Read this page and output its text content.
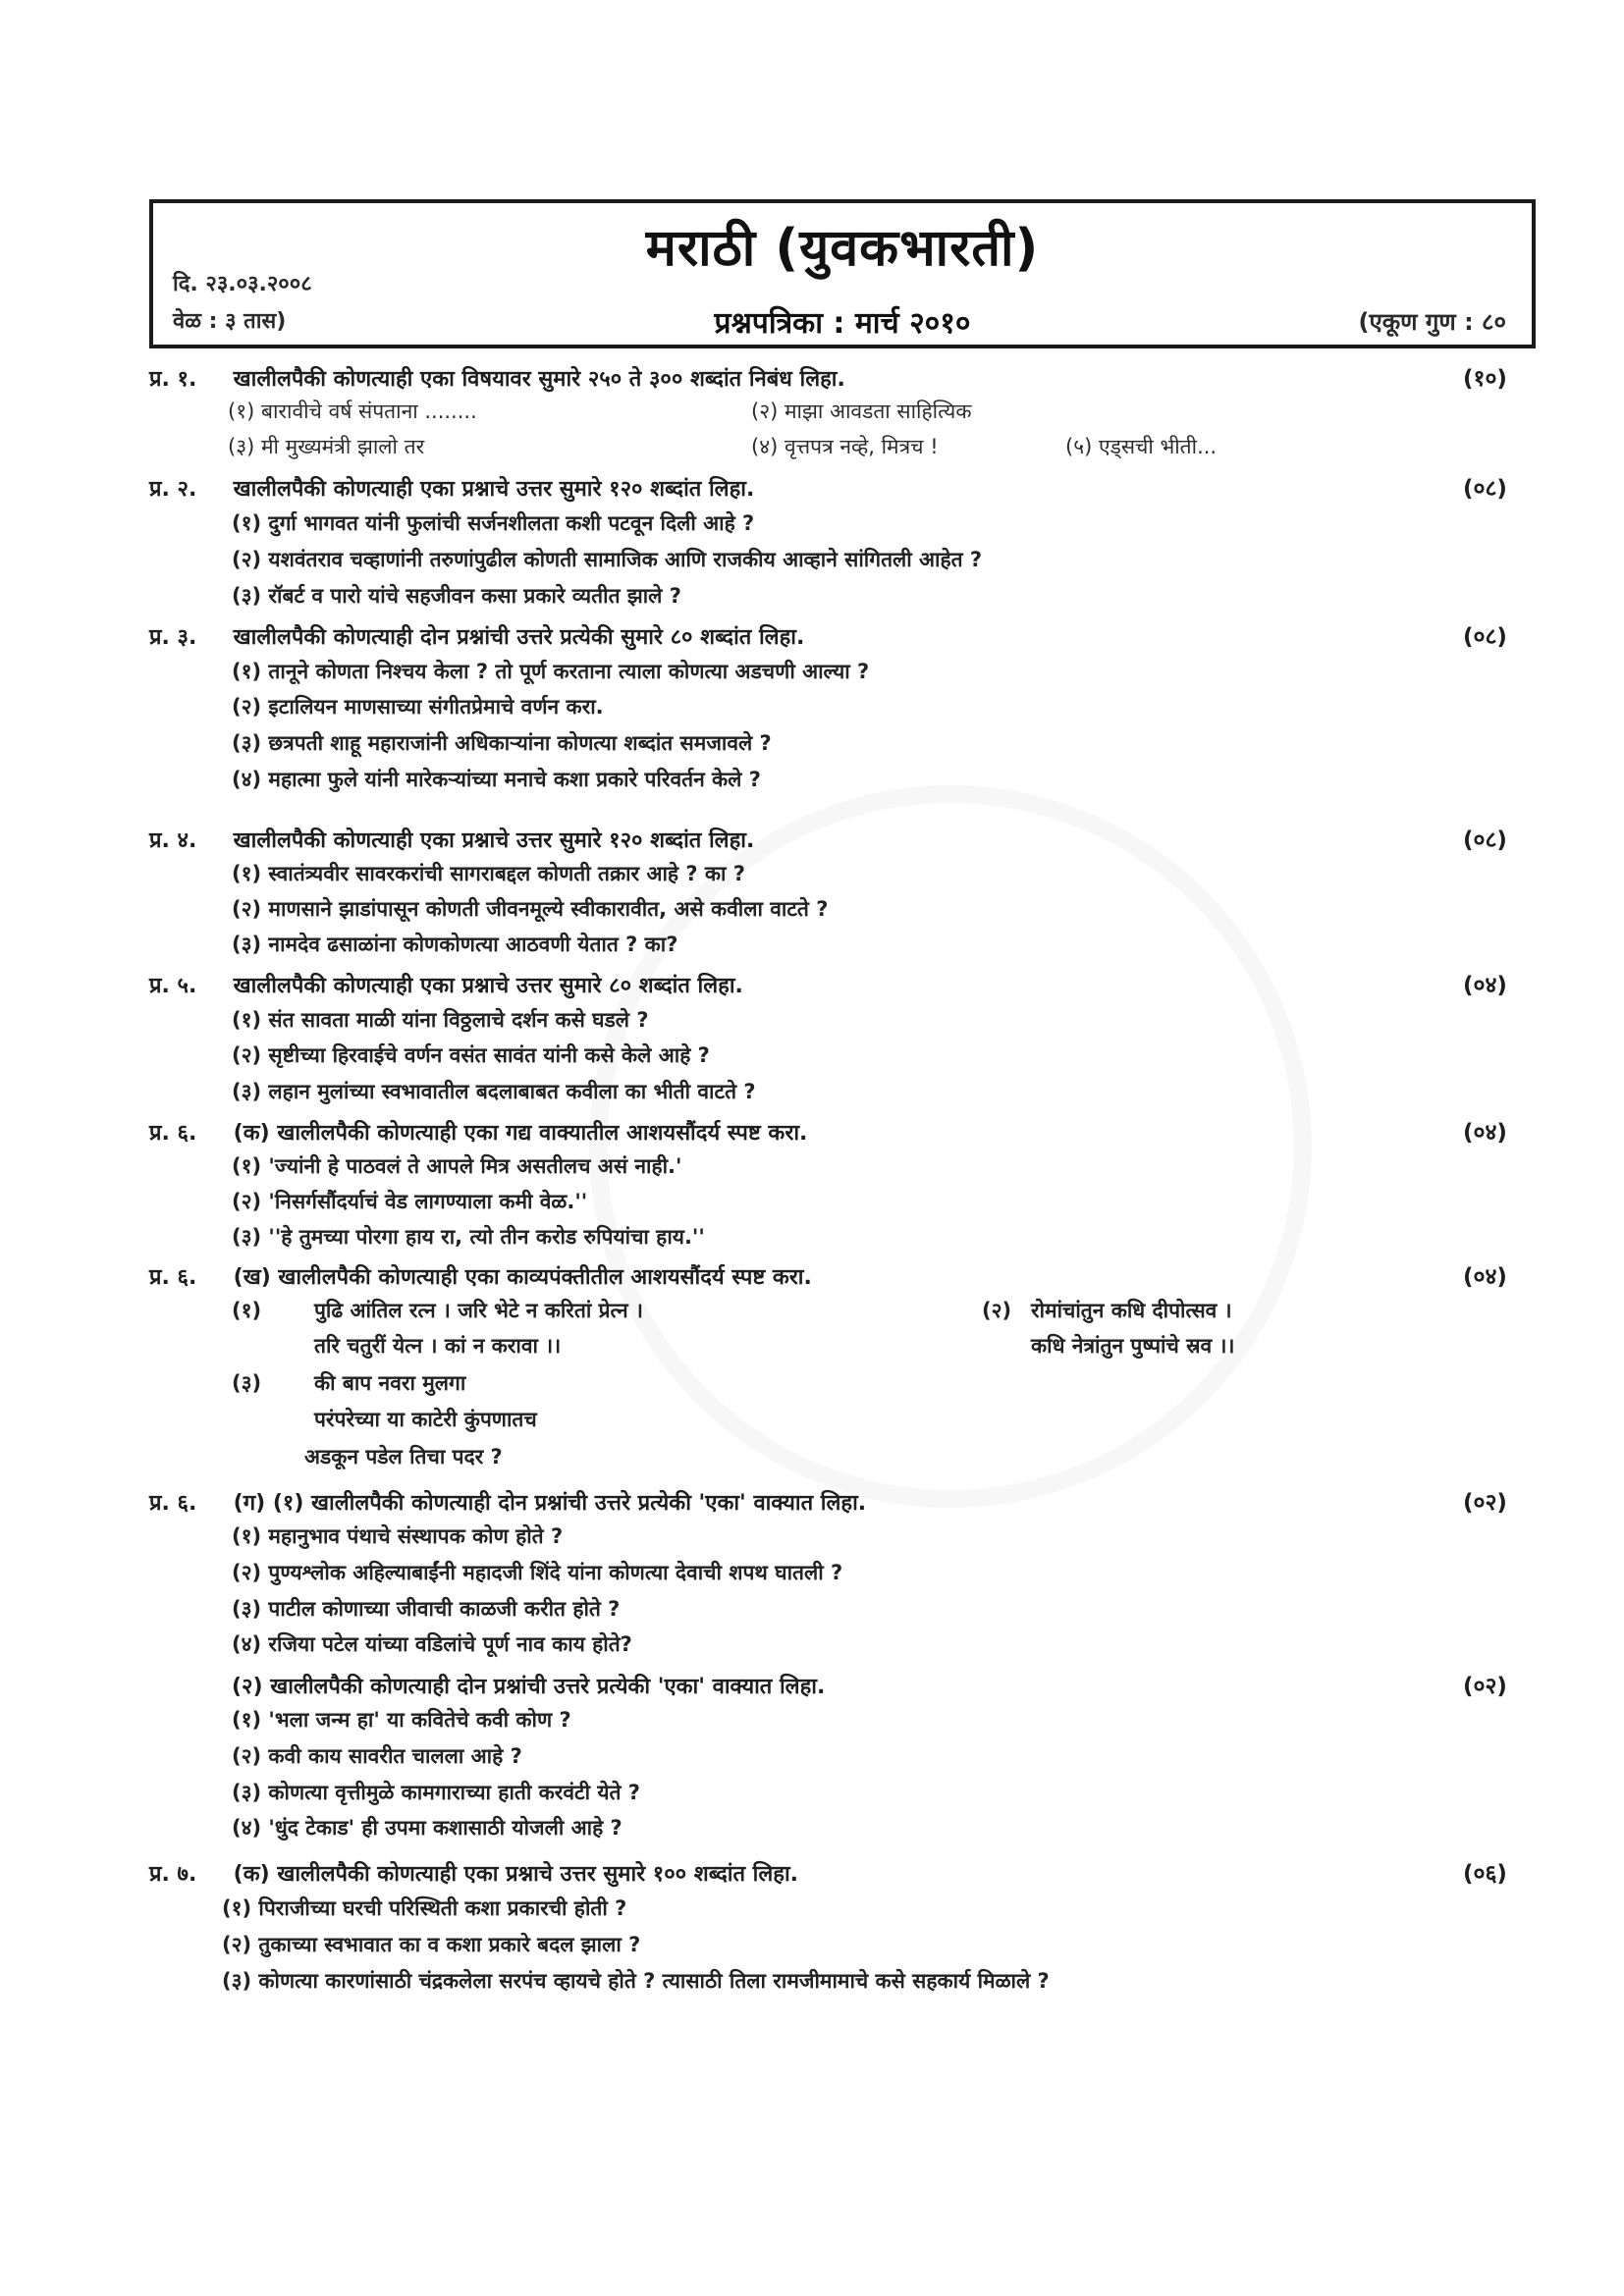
मराठी (युवकभारती)
दि. २३.०३.२००८
वेळ : ३ तास)	प्रश्नपत्रिका : मार्च २०१०	(एकूण गुण : ८०
प्र. १. खालीलपैकी कोणत्याही एका विषयावर सुमारे २५० ते ३०० शब्दांत निबंध लिहा.	(१०)
(१) बारावीचे वर्ष संपताना ........	(२) माझा आवडता साहित्यिक
(३) मी मुख्यमंत्री झालो तर	(४) वृत्तपत्र नव्हे, मित्रच !	(५) एड्सची भीती...
प्र. २. खालीलपैकी कोणत्याही एका प्रश्नाचे उत्तर सुमारे १२० शब्दांत लिहा.	(०८)
(१) दुर्गा भागवत यांनी फुलांची सर्जनशीलता कशी पटवून दिली आहे ?
(२) यशवंतराव चव्हाणांनी तरुणांपुढील कोणती सामाजिक आणि राजकीय आव्हाने सांगितली आहेत ?
(३) रॉबर्ट व पारो यांचे सहजीवन कसा प्रकारे व्यतीत झाले ?
प्र. ३. खालीलपैकी कोणत्याही दोन प्रश्नांची उत्तरे प्रत्येकी सुमारे ८० शब्दांत लिहा.	(०८)
(१) तानूने कोणता निश्चय केला ? तो पूर्ण करताना त्याला कोणत्या अडचणी आल्या ?
(२) इटालियन माणसाच्या संगीतप्रेमाचे वर्णन करा.
(३) छत्रपती शाहू महाराजांनी अधिकाऱ्यांना कोणत्या शब्दांत समजावले ?
(४) महात्मा फुले यांनी मारेकऱ्यांच्या मनाचे कशा प्रकारे परिवर्तन केले ?
प्र. ४. खालीलपैकी कोणत्याही एका प्रश्नाचे उत्तर सुमारे १२० शब्दांत लिहा.	(०८)
(१) स्वातंत्र्यवीर सावरकरांची सागराबद्दल कोणती तक्रार आहे ? का ?
(२) माणसाने झाडांपासून कोणती जीवनमूल्ये स्वीकारावीत, असे कवीला वाटते ?
(३) नामदेव ढसाळांना कोणकोणत्या आठवणी येतात ? का?
प्र. ५. खालीलपैकी कोणत्याही एका प्रश्नाचे उत्तर सुमारे ८० शब्दांत लिहा.	(०४)
(१) संत सावता माळी यांना विठ्ठलाचे दर्शन कसे घडले ?
(२) सृष्टीच्या हिरवाईचे वर्णन वसंत सावंत यांनी कसे केले आहे ?
(३) लहान मुलांच्या स्वभावातील बदलाबाबत कवीला का भीती वाटते ?
प्र. ६. (क) खालीलपैकी कोणत्याही एका गद्य वाक्यातील आशयसौंदर्य स्पष्ट करा.	(०४)
(१) 'ज्यांनी हे पाठवलं ते आपले मित्र असतीलच असं नाही.'
(२) 'निसर्गसौंदर्याचं वेड लागण्याला कमी वेळ.''
(३) ''हे तुमच्या पोरगा हाय रा, त्यो तीन करोड रुपियांचा हाय.''
प्र. ६. (ख) खालीलपैकी कोणत्याही एका काव्यपंक्तीतील आशयसौंदर्य स्पष्ट करा.	(०४)
(१)	पुढि आंतिल रत्न । जरि भेटे न करितां प्रेत्न ।
तरि चतुरीं येत्न । कां न करावा ।।
(२) रोमांचांतुन कधि दीपोत्सव ।
कधि नेत्रांतुन पुष्पांचे स्रव ।।
(३)	की बाप नवरा मुलगा
परंपरेच्या या काटेरी कुंपणातच
अडकून पडेल तिचा पदर ?
प्र. ६. (ग) (१) खालीलपैकी कोणत्याही दोन प्रश्नांची उत्तरे प्रत्येकी 'एका' वाक्यात लिहा.	(०२)
(१) महानुभाव पंथाचे संस्थापक कोण होते ?
(२) पुण्यश्लोक अहिल्याबाईंनी महादजी शिंदे यांना कोणत्या देवाची शपथ घातली ?
(३) पाटील कोणाच्या जीवाची काळजी करीत होते ?
(४) रजिया पटेल यांच्या वडिलांचे पूर्ण नाव काय होते?
(२) खालीलपैकी कोणत्याही दोन प्रश्नांची उत्तरे प्रत्येकी 'एका' वाक्यात लिहा.	(०२)
(१) 'भला जन्म हा' या कवितेचे कवी कोण ?
(२) कवी काय सावरीत चालला आहे ?
(३) कोणत्या वृत्तीमुळे कामगाराच्या हाती करवंटी येते ?
(४) 'धुंद टेकाड' ही उपमा कशासाठी योजली आहे ?
प्र. ७. (क) खालीलपैकी कोणत्याही एका प्रश्नाचे उत्तर सुमारे १०० शब्दांत लिहा.	(०६)
(१) पिराजीच्या घरची परिस्थिती कशा प्रकारची होती ?
(२) तुकाच्या स्वभावात का व कशा प्रकारे बदल झाला ?
(३) कोणत्या कारणांसाठी चंद्रकलेला सरपंच व्हायचे होते ? त्यासाठी तिला रामजीमामाचे कसे सहकार्य मिळाले ?
